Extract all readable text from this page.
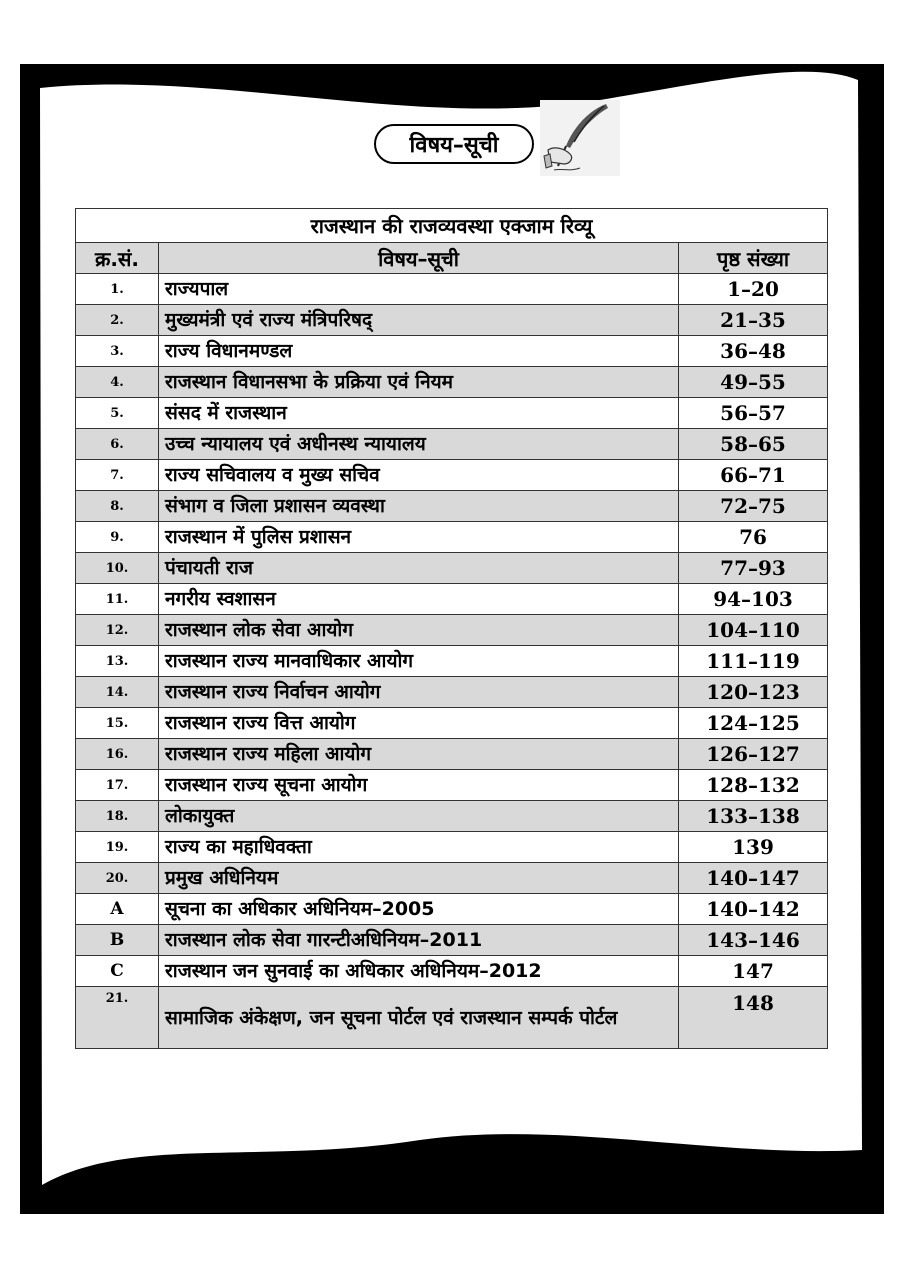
विषय–सूची
राजस्थान की राजव्यवस्था एक्जाम रिव्यू		
क्र.सं.	विषय–सूची	पृष्ठ संख्या
1.	राज्यपाल	1–20
2.	मुख्यमंत्री एवं राज्य मंत्रिपरिषद्	21–35
3.	राज्य विधानमण्डल	36–48
4.	राजस्थान विधानसभा के प्रक्रिया एवं नियम	49–55
5.	संसद में राजस्थान	56–57
6.	उच्च न्यायालय एवं अधीनस्थ न्यायालय	58–65
7.	राज्य सचिवालय व मुख्य सचिव	66–71
8.	संभाग व जिला प्रशासन व्यवस्था	72–75
9.	राजस्थान में पुलिस प्रशासन	76
10.	पंचायती राज	77–93
11.	नगरीय स्वशासन	94–103
12.	राजस्थान लोक सेवा आयोग	104–110
13.	राजस्थान राज्य मानवाधिकार आयोग	111–119
14.	राजस्थान राज्य निर्वाचन आयोग	120–123
15.	राजस्थान राज्य वित्त आयोग	124–125
16.	राजस्थान राज्य महिला आयोग	126–127
17.	राजस्थान राज्य सूचना आयोग	128–132
18.	लोकायुक्त	133–138
19.	राज्य का महाधिवक्ता	139
20.	प्रमुख अधिनियम	140–147
A	सूचना का अधिकार अधिनियम–2005	140–142
B	राजस्थान लोक सेवा गारन्टीअधिनियम–2011	143–146
C	राजस्थान जन सुनवाई का अधिकार अधिनियम–2012	147
21.	सामाजिक अंकेक्षण, जन सूचना पोर्टल एवं राजस्थान सम्पर्क पोर्टल	148
